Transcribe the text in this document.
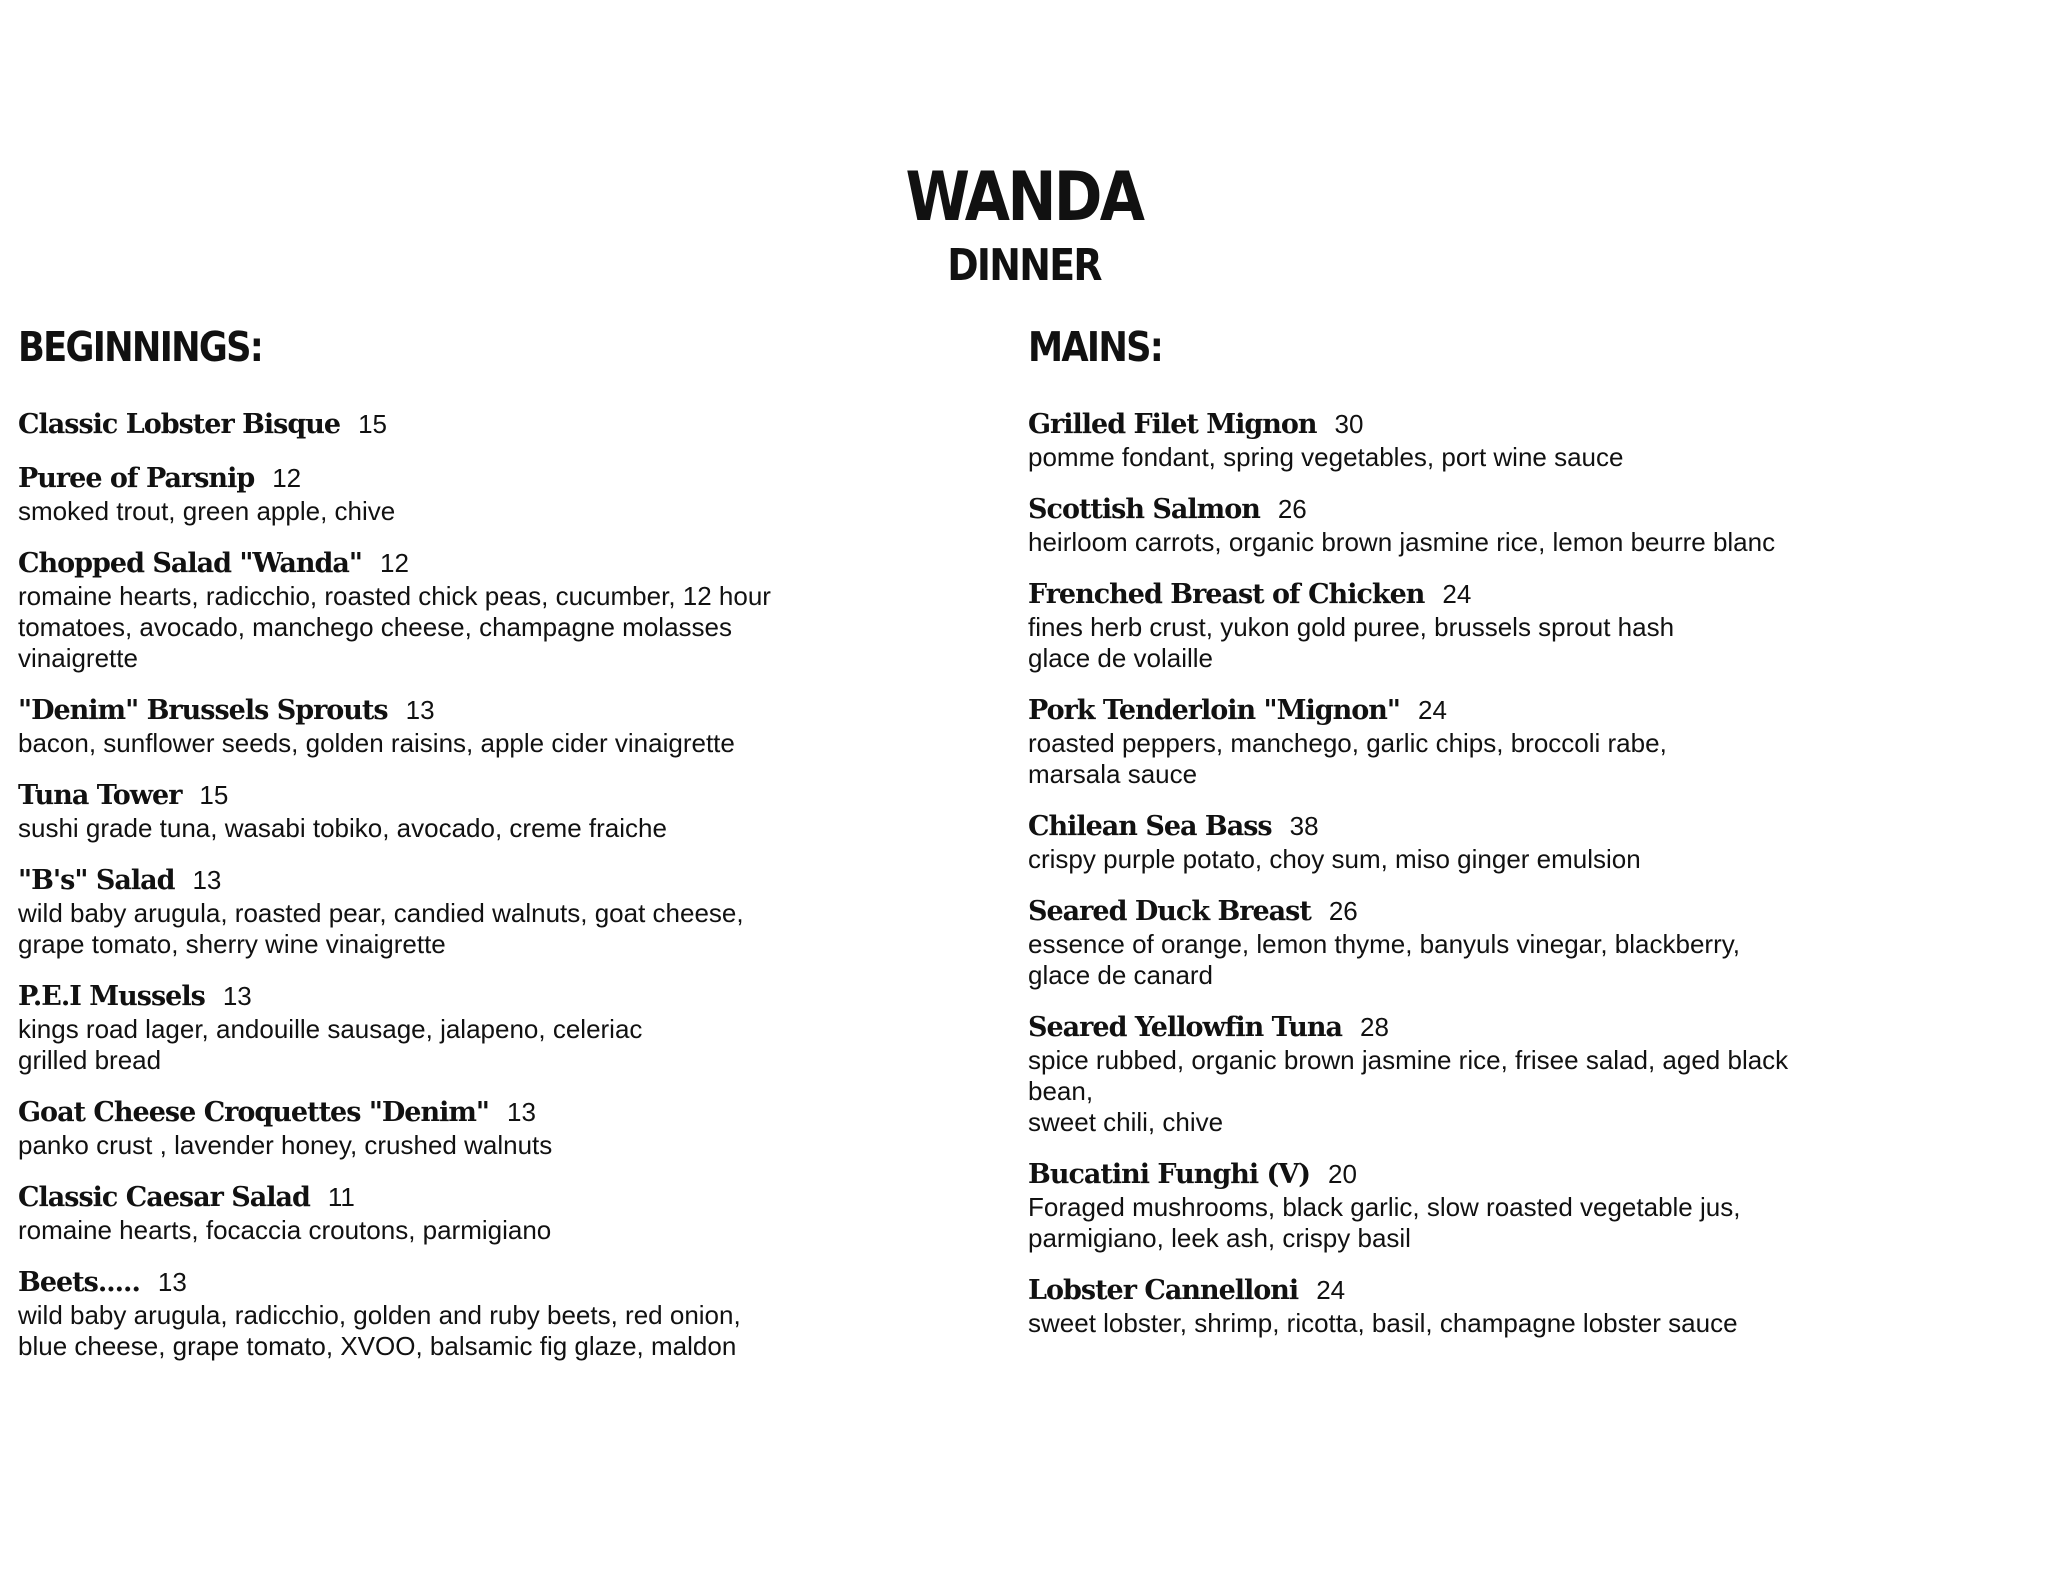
WANDA
DINNER
BEGINNINGS:
Classic Lobster Bisque 15
Puree of Parsnip 12
smoked trout, green apple, chive
Chopped Salad "Wanda" 12
romaine hearts, radicchio, roasted chick peas, cucumber, 12 hour
tomatoes, avocado, manchego cheese, champagne molasses
vinaigrette
"Denim" Brussels Sprouts 13
bacon, sunflower seeds, golden raisins, apple cider vinaigrette
Tuna Tower 15
sushi grade tuna, wasabi tobiko, avocado, creme fraiche
"B's" Salad 13
wild baby arugula, roasted pear, candied walnuts, goat cheese,
grape tomato, sherry wine vinaigrette
P.E.I Mussels 13
kings road lager, andouille sausage, jalapeno, celeriac
grilled bread
Goat Cheese Croquettes "Denim" 13
panko crust , lavender honey, crushed walnuts
Classic Caesar Salad 11
romaine hearts, focaccia croutons, parmigiano
Beets..... 13
wild baby arugula, radicchio, golden and ruby beets, red onion,
blue cheese, grape tomato, XVOO, balsamic fig glaze, maldon
MAINS:
Grilled Filet Mignon 30
pomme fondant, spring vegetables, port wine sauce
Scottish Salmon 26
heirloom carrots, organic brown jasmine rice, lemon beurre blanc
Frenched Breast of Chicken 24
fines herb crust, yukon gold puree, brussels sprout hash
glace de volaille
Pork Tenderloin "Mignon" 24
roasted peppers, manchego, garlic chips, broccoli rabe,
marsala sauce
Chilean Sea Bass 38
crispy purple potato, choy sum, miso ginger emulsion
Seared Duck Breast 26
essence of orange, lemon thyme, banyuls vinegar, blackberry,
glace de canard
Seared Yellowfin Tuna 28
spice rubbed, organic brown jasmine rice, frisee salad, aged black
bean,
sweet chili, chive
Bucatini Funghi (V) 20
Foraged mushrooms, black garlic, slow roasted vegetable jus,
parmigiano, leek ash, crispy basil
Lobster Cannelloni 24
sweet lobster, shrimp, ricotta, basil, champagne lobster sauce
